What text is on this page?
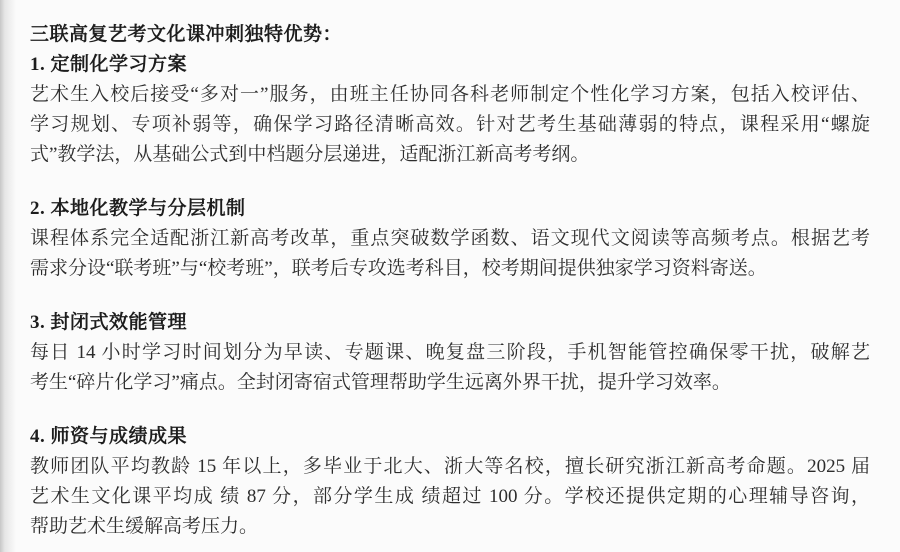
三联高复艺考文化课冲刺独特优势：
1. 定制化学习方案
艺术生入校后接受“多对一”服务，由班主任协同各科老师制定个性化学习方案，包括入校评估、
学习规划、专项补弱等，确保学习路径清晰高效。针对艺考生基础薄弱的特点，课程采用“螺旋
式”教学法，从基础公式到中档题分层递进，适配浙江新高考考纲。
2. 本地化教学与分层机制
课程体系完全适配浙江新高考改革，重点突破数学函数、语文现代文阅读等高频考点。根据艺考
需求分设“联考班”与“校考班”，联考后专攻选考科目，校考期间提供独家学习资料寄送。
3. 封闭式效能管理
每日 14 小时学习时间划分为早读、专题课、晚复盘三阶段，手机智能管控确保零干扰，破解艺
考生“碎片化学习”痛点。全封闭寄宿式管理帮助学生远离外界干扰，提升学习效率。
4. 师资与成绩成果
教师团队平均教龄 15 年以上，多毕业于北大、浙大等名校，擅长研究浙江新高考命题。2025 届
艺术生文化课平均成 绩 87 分，部分学生成 绩超过 100 分。学校还提供定期的心理辅导咨询，
帮助艺术生缓解高考压力。
